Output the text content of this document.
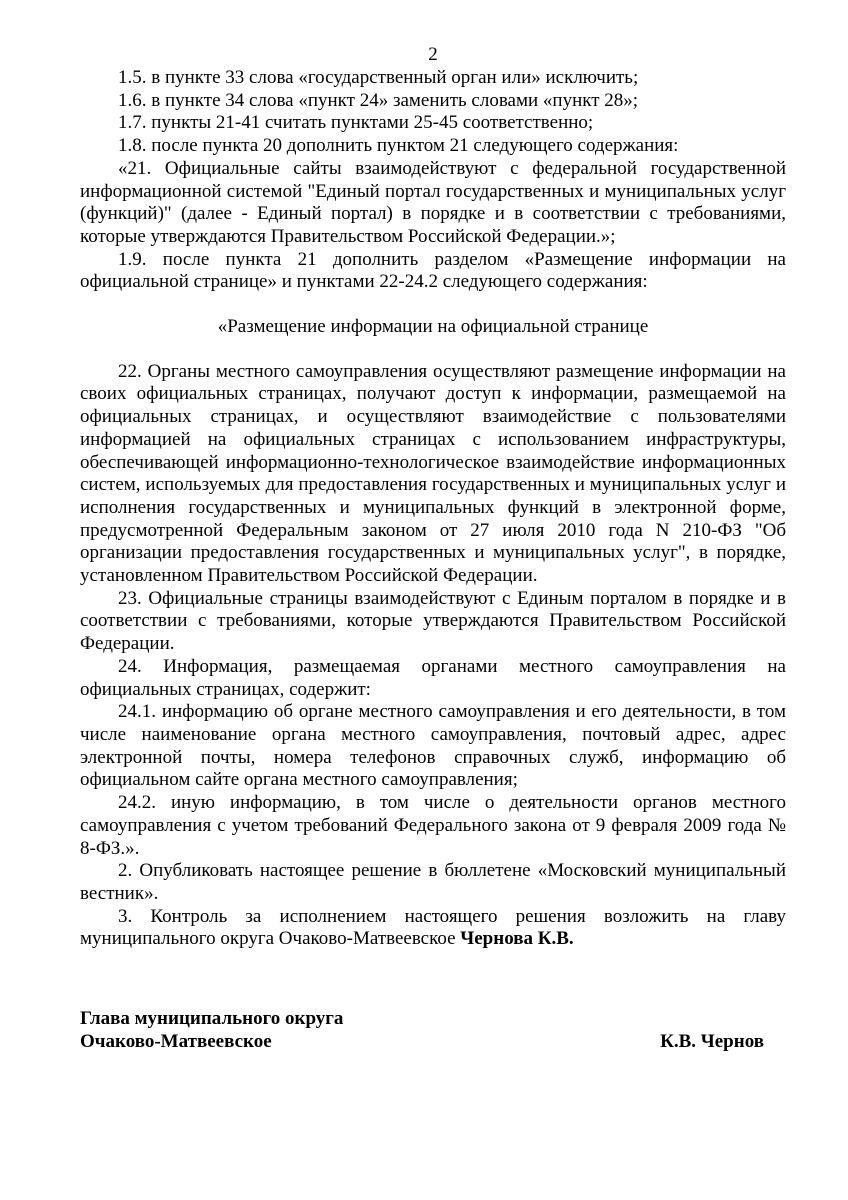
2

1.5. в пункте 33 слова «государственный орган или» исключить;

1.6. в пункте 34 слова «пункт 24» заменить словами «пункт 28»;

1.7. пункты 21-41 считать пунктами 25-45 соответственно;

1.8. после пункта 20 дополнить пунктом 21 следующего содержания:

«21. Официальные сайты взаимодействуют с федеральной государственной информационной системой "Единый портал государственных и муниципальных услуг (функций)" (далее - Единый портал) в порядке и в соответствии с требованиями, которые утверждаются Правительством Российской Федерации.»;

1.9. после пункта 21 дополнить разделом «Размещение информации на официальной странице» и пунктами 22-24.2 следующего содержания:

«Размещение информации на официальной странице

22. Органы местного самоуправления осуществляют размещение информации на своих официальных страницах, получают доступ к информации, размещаемой на официальных страницах, и осуществляют взаимодействие с пользователями информацией на официальных страницах с использованием инфраструктуры, обеспечивающей информационно-технологическое взаимодействие информационных систем, используемых для предоставления государственных и муниципальных услуг и исполнения государственных и муниципальных функций в электронной форме, предусмотренной Федеральным законом от 27 июля 2010 года N 210-ФЗ "Об организации предоставления государственных и муниципальных услуг", в порядке, установленном Правительством Российской Федерации.

23. Официальные страницы взаимодействуют с Единым порталом в порядке и в соответствии с требованиями, которые утверждаются Правительством Российской Федерации.

24. Информация, размещаемая органами местного самоуправления на официальных страницах, содержит:

24.1. информацию об органе местного самоуправления и его деятельности, в том числе наименование органа местного самоуправления, почтовый адрес, адрес электронной почты, номера телефонов справочных служб, информацию об официальном сайте органа местного самоуправления;

24.2. иную информацию, в том числе о деятельности органов местного самоуправления с учетом требований Федерального закона от 9 февраля 2009 года № 8-ФЗ.».

2. Опубликовать настоящее решение в бюллетене «Московский муниципальный вестник».

3. Контроль за исполнением настоящего решения возложить на главу муниципального округа Очаково-Матвеевское Чернова К.В.

Глава муниципального округа
Очаково-Матвеевское	К.В. Чернов
